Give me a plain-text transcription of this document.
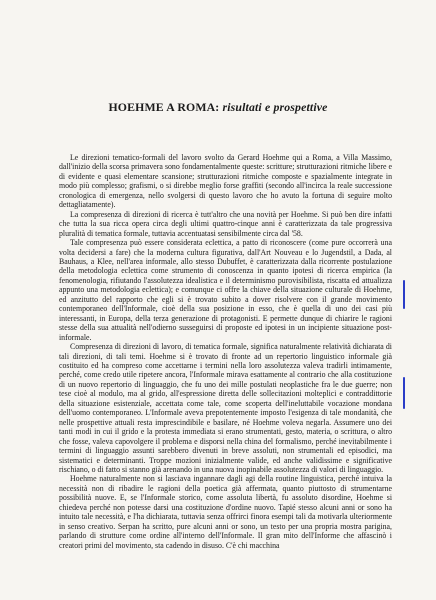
HOEHME A ROMA: risultati e prospettive

Le direzioni tematico-formali del lavoro svolto da Gerard Hoehme qui a Roma, a Villa Massimo, dall'inizio della scorsa primavera sono fondamentalmente queste: scritture; strutturazioni ritmiche libere e di evidente e quasi elementare scansione; strutturazioni ritmiche composte e spazialmente integrate in modo più complesso; grafismi, o si direbbe meglio forse graffiti (secondo all'incirca la reale successione cronologica di emergenza, nello svolgersi di questo lavoro che ho avuto la fortuna di seguire molto dettagliatamente).

La compresenza di direzioni di ricerca è tutt'altro che una novità per Hoehme. Si può ben dire infatti che tutta la sua ricca opera circa degli ultimi quattro-cinque anni è caratterizzata da tale progressiva pluralità di tematica formale, tuttavia accentuatasi sensibilmente circa dal '58.

Tale compresenza può essere considerata eclettica, a patto di riconoscere (come pure occorrerà una volta decidersi a fare) che la moderna cultura figurativa, dall'Art Nouveau e lo Jugendstil, a Dada, al Bauhaus, a Klee, nell'area informale, allo stesso Dubuffet, è caratterizzata dalla ricorrente postulazione della metodologia eclettica come strumento di conoscenza in quanto ipotesi di ricerca empirica (la fenomenologia, rifiutando l'assolutezza idealistica e il determinismo purovisibilista, riscatta ed attualizza appunto una metodologia eclettica); e comunque ci offre la chiave della situazione culturale di Hoehme, ed anzitutto del rapporto che egli si è trovato subito a dover risolvere con il grande movimento contemporaneo dell'Informale, cioè della sua posizione in esso, che è quella di uno dei casi più interessanti, in Europa, della terza generazione di protagonisti. E permette dunque di chiarire le ragioni stesse della sua attualità nell'odierno susseguirsi di proposte ed ipotesi in un incipiente situazione post-informale.

Compresenza di direzioni di lavoro, di tematica formale, significa naturalmente relatività dichiarata di tali direzioni, di tali temi. Hoehme si è trovato di fronte ad un repertorio linguistico informale già costituito ed ha compreso come accettarne i termini nella loro assolutezza valeva tradirli intimamente, perché, come credo utile ripetere ancora, l'Informale mirava esattamente al contrario che alla costituzione di un nuovo repertorio di linguaggio, che fu uno dei mille postulati neoplastiche fra le due guerre; non tese cioè al modulo, ma al grido, all'espressione diretta delle sollecitazioni molteplici e contraddittorie della situazione esistenziale, accettata come tale, come scoperta dell'ineluttabile vocazione mondana dell'uomo contemporaneo. L'Informale aveva prepotentemente imposto l'esigenza di tale mondanità, che nelle prospettive attuali resta imprescindibile e basilare, né Hoehme voleva negarla. Assumere uno dei tanti modi in cui il grido e la protesta immediata si erano strumentati, gesto, materia, o scrittura, o altro che fosse, valeva capovolgere il problema e disporsi nella china del formalismo, perché inevitabilmente i termini di linguaggio assunti sarebbero divenuti in breve assoluti, non strumentali ed episodici, ma sistematici e determinanti. Troppe mozioni inizialmente valide, ed anche validissime e significative rischiano, o di fatto si stanno già arenando in una nuova inopinabile assolutezza di valori di linguaggio.

Hoehme naturalmente non si lasciava ingannare dagli agi della routine linguistica, perché intuiva la necessità non di ribadire le ragioni della poetica già affermata, quanto piuttosto di strumentarne possibilità nuove. E, se l'Informale storico, come assoluta libertà, fu assoluto disordine, Hoehme si chiedeva perché non potesse darsi una costituzione d'ordine nuovo. Tapié stesso alcuni anni or sono ha intuito tale necessità, e l'ha dichiarata, tuttavia senza offrirci finora esempi tali da motivarla ulteriormente in senso creativo. Serpan ha scritto, pure alcuni anni or sono, un testo per una propria mostra parigina, parlando di strutture come ordine all'interno dell'Informale. Il gran mito dell'Informe che affascinò i creatori primi del movimento, sta cadendo in disuso. C'è chi macchina
